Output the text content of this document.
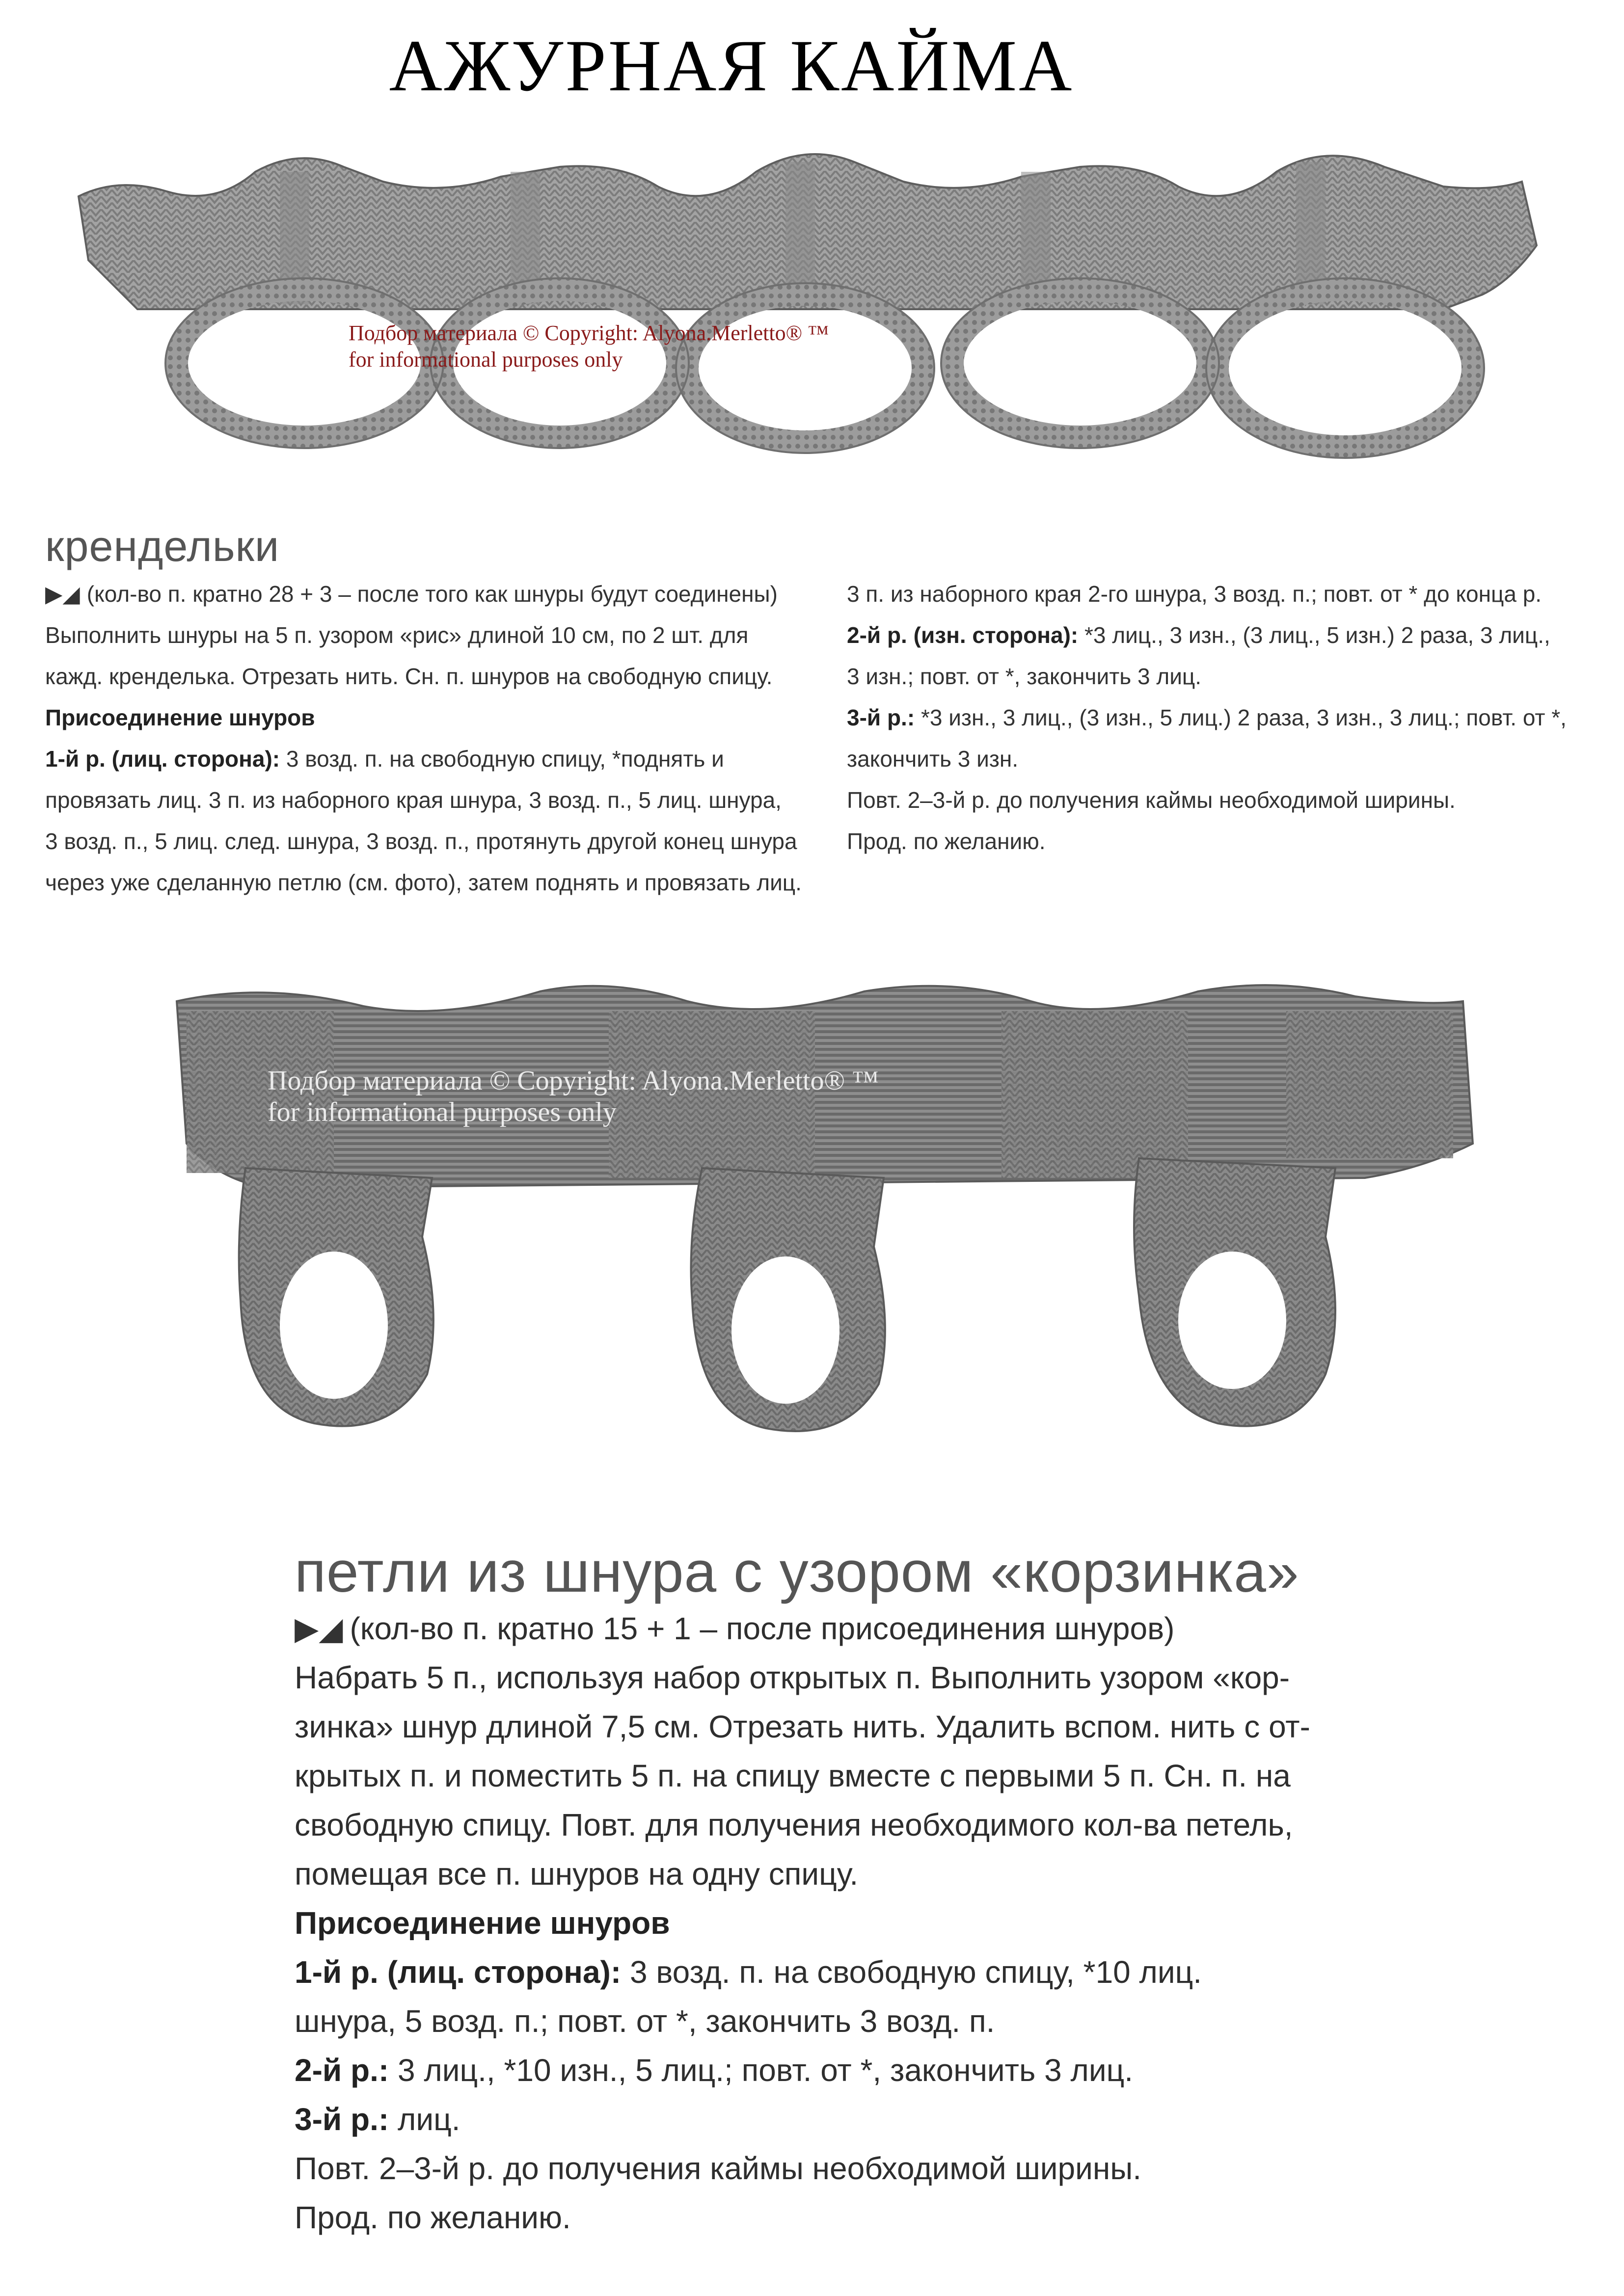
АЖУРНАЯ КАЙМА
Подбор материала © Copyright: Alyona.Merletto® ™
for informational purposes only
крендельки

▶◢ (кол-во п. кратно 28 + 3 – после того как шнуры будут соединены)

Выполнить шнуры на 5 п. узором «рис» длиной 10 см, по 2 шт. для

кажд. кренделька. Отрезать нить. Сн. п. шнуров на свободную спицу.

Присоединение шнуров

1-й р. (лиц. сторона): 3 возд. п. на свободную спицу, *поднять и

провязать лиц. 3 п. из наборного края шнура, 3 возд. п., 5 лиц. шнура,

3 возд. п., 5 лиц. след. шнура, 3 возд. п., протянуть другой конец шнура

через уже сделанную петлю (см. фото), затем поднять и провязать лиц.

3 п. из наборного края 2-го шнура, 3 возд. п.; повт. от * до конца р.

2-й р. (изн. сторона): *3 лиц., 3 изн., (3 лиц., 5 изн.) 2 раза, 3 лиц.,

3 изн.; повт. от *, закончить 3 лиц.

3-й р.: *3 изн., 3 лиц., (3 изн., 5 лиц.) 2 раза, 3 изн., 3 лиц.; повт. от *,

закончить 3 изн.

Повт. 2–3-й р. до получения каймы необходимой ширины.

Прод. по желанию.

Подбор материала © Copyright: Alyona.Merletto® ™
for informational purposes only
петли из шнура с узором «корзинка»

▶◢ (кол-во п. кратно 15 + 1 – после присоединения шнуров)

Набрать 5 п., используя набор открытых п. Выполнить узором «кор-

зинка» шнур длиной 7,5 см. Отрезать нить. Удалить вспом. нить с от-

крытых п. и поместить 5 п. на спицу вместе с первыми 5 п. Сн. п. на

свободную спицу. Повт. для получения необходимого кол-ва петель,

помещая все п. шнуров на одну спицу.

Присоединение шнуров

1-й р. (лиц. сторона): 3 возд. п. на свободную спицу, *10 лиц.

шнура, 5 возд. п.; повт. от *, закончить 3 возд. п.

2-й р.: 3 лиц., *10 изн., 5 лиц.; повт. от *, закончить 3 лиц.

3-й р.: лиц.

Повт. 2–3-й р. до получения каймы необходимой ширины.

Прод. по желанию.
